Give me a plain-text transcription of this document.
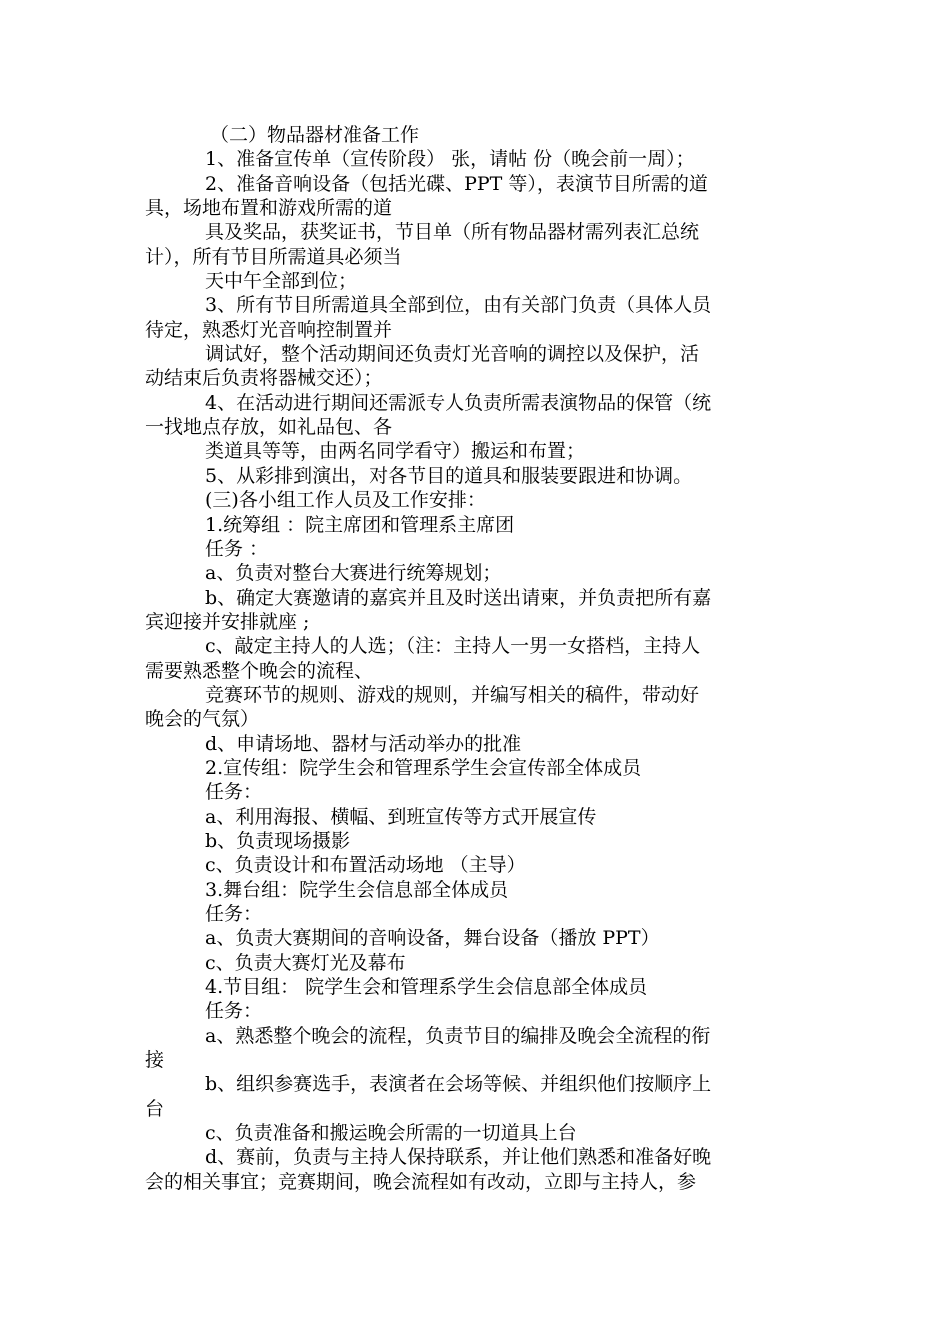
（二）物品器材准备工作
1、准备宣传单（宣传阶段） 张，请帖 份（晚会前一周）；
2、准备音响设备（包括光碟、PPT 等），表演节目所需的道
具，场地布置和游戏所需的道
具及奖品，获奖证书，节目单（所有物品器材需列表汇总统
计），所有节目所需道具必须当
天中午全部到位；
3、所有节目所需道具全部到位，由有关部门负责（具体人员
待定，熟悉灯光音响控制置并
调试好，整个活动期间还负责灯光音响的调控以及保护，活
动结束后负责将器械交还）；
4、在活动进行期间还需派专人负责所需表演物品的保管（统
一找地点存放，如礼品包、各
类道具等等，由两名同学看守）搬运和布置；
5、从彩排到演出，对各节目的道具和服装要跟进和协调。
(三)各小组工作人员及工作安排：
1.统筹组 ：院主席团和管理系主席团
任务 ：
a、负责对整台大赛进行统筹规划；
b、确定大赛邀请的嘉宾并且及时送出请柬，并负责把所有嘉
宾迎接并安排就座 ;
c、敲定主持人的人选；（注：主持人一男一女搭档，主持人
需要熟悉整个晚会的流程、
竞赛环节的规则、游戏的规则，并编写相关的稿件，带动好
晚会的气氛）
d、申请场地、器材与活动举办的批准
2.宣传组：院学生会和管理系学生会宣传部全体成员
任务：
a、利用海报、横幅、到班宣传等方式开展宣传
b、负责现场摄影
c、负责设计和布置活动场地 （主导）
3.舞台组：院学生会信息部全体成员
任务：
a、负责大赛期间的音响设备，舞台设备（播放 PPT）
c、负责大赛灯光及幕布
4.节目组： 院学生会和管理系学生会信息部全体成员
任务：
a、熟悉整个晚会的流程，负责节目的编排及晚会全流程的衔
接
b、组织参赛选手，表演者在会场等候、并组织他们按顺序上
台
c、负责准备和搬运晚会所需的一切道具上台
d、赛前，负责与主持人保持联系，并让他们熟悉和准备好晚
会的相关事宜；竞赛期间，晚会流程如有改动，立即与主持人，参
